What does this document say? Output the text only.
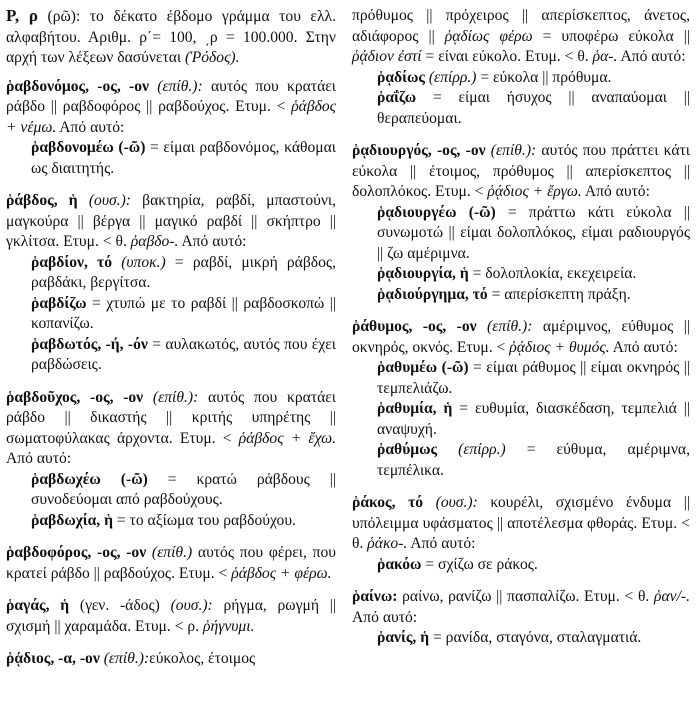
Ρ, ρ (ρῶ): το δέκατο έβδομο γράμμα του ελλ. αλφαβήτου. Αριθμ. ρ΄= 100, ͵ρ = 100.000. Στην αρχή των λέξεων δασύνεται (Ῥόδος).

ῥαβδονόμος, -ος, -ον (επίθ.): αυτός που κρατάει ράβδο || ραβδοφόρος || ραβδούχος. Ετυμ. < ῥάβδος + νέμω. Από αυτό:
ῥαβδονομέω (-ῶ) = είμαι ραβδονόμος, κάθομαι ως διαιτητής.
ῥάβδος, ἡ (ουσ.): βακτηρία, ραβδί, μπαστούνι, μαγκούρα || βέργα || μαγικό ραβδί || σκήπτρο || γκλίτσα. Ετυμ. < θ. ῥαβδο-. Από αυτό:
ῥαβδίον, τό (υποκ.) = ραβδί, μικρή ράβδος, ραβδάκι, βεργίτσα.
ῥαβδίζω = χτυπώ με το ραβδί || ραβδοσκοπώ || κοπανίζω.
ῥαβδωτός, -ή, -όν = αυλακωτός, αυτός που έχει ραβδώσεις.
ῥαβδοῦχος, -ος, -ον (επίθ.): αυτός που κρατάει ράβδο || δικαστής || κριτής υπηρέτης || σωματοφύλακας άρχοντα. Ετυμ. < ῥάβδος + ἔχω. Από αυτό:
ῥαβδωχέω (-ῶ) = κρατώ ράβδους || συνοδεύομαι από ραβδούχους.
ῥαβδωχία, ἡ = το αξίωμα του ραβδούχου.
ῥαβδοφόρος, -ος, -ον (επίθ.) αυτός που φέρει, που κρατεί ράβδο || ραβδούχος. Ετυμ. < ῥάβδος + φέρω.
ῥαγάς, ἡ (γεν. -άδος) (ουσ.): ρήγμα, ρωγμή || σχισμή || χαραμάδα. Ετυμ. < ρ. ῥήγνυμι.
ῥᾴδιος, -α, -ον (επίθ.):εύκολος, έτοιμος
πρόθυμος || πρόχειρος || απερίσκεπτος, άνετος, αδιάφορος || ῥᾳδίως φέρω = υποφέρω εύκολα || ῥᾴδιον ἐστί = είναι εύκολο. Ετυμ. < θ. ῥα-. Από αυτό:
ῥᾳδίως (επίρρ.) = εύκολα || πρόθυμα.
ῥαΐζω = είμαι ήσυχος || αναπαύομαι || θεραπεύομαι.
ῥᾳδιουργός, -ος, -ον (επίθ.): αυτός που πράττει κάτι εύκολα || έτοιμος, πρόθυμος || απερίσκεπτος || δολοπλόκος. Ετυμ. < ῥᾴδιος + ἔργω. Από αυτό:
ῥᾳδιουργέω (-ῶ) = πράττω κάτι εύκολα || συνωμοτώ || είμαι δολοπλόκος, είμαι ραδιουργός || ζω αμέριμνα.
ῥᾳδιουργία, ἡ = δολοπλοκία, εκεχειρεία.
ῥᾳδιούργημα, τό = απερίσκεπτη πράξη.
ῥάθυμος, -ος, -ον (επίθ.): αμέριμνος, εύθυμος || οκνηρός, οκνός. Ετυμ. < ῥᾴδιος + θυμός. Από αυτό:
ῥαθυμέω (-ῶ) = είμαι ράθυμος || είμαι οκνηρός || τεμπελιάζω.
ῥαθυμία, ἡ = ευθυμία, διασκέδαση, τεμπελιά || αναψυχή.
ῥαθύμως (επίρρ.) = εύθυμα, αμέριμνα, τεμπέλικα.
ῥάκος, τό (ουσ.): κουρέλι, σχισμένο ένδυμα || υπόλειμμα υφάσματος || αποτέλεσμα φθοράς. Ετυμ. < θ. ῥάκο-. Από αυτό:
ῥακόω = σχίζω σε ράκος.
ῥαίνω: ραίνω, ρανίζω || πασπαλίζω. Ετυμ. < θ. ῥαν/-. Από αυτό:
ῥανίς, ἡ = ρανίδα, σταγόνα, σταλαγματιά.
